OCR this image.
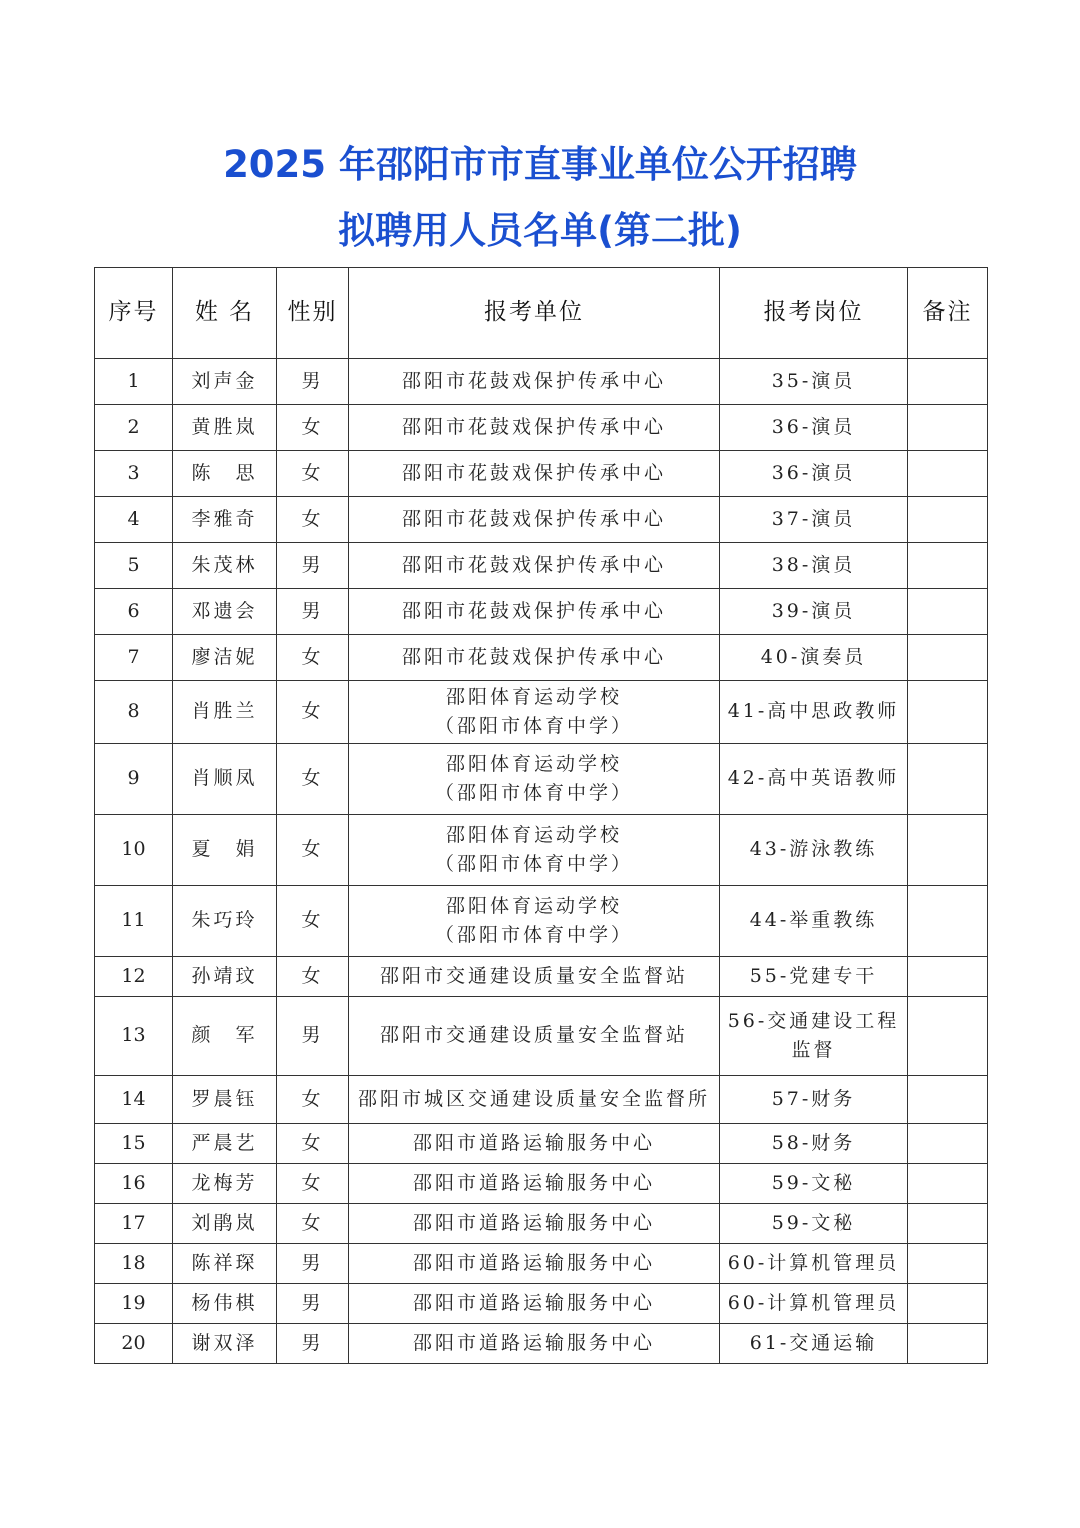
2025 年邵阳市市直事业单位公开招聘
拟聘用人员名单(第二批)
序号	姓 名	性别	报考单位	报考岗位	备注
1	刘声金	男	邵阳市花鼓戏保护传承中心	35-演员	

2	黄胜岚	女	邵阳市花鼓戏保护传承中心	36-演员	

3	陈　思	女	邵阳市花鼓戏保护传承中心	36-演员	

4	李雅奇	女	邵阳市花鼓戏保护传承中心	37-演员	

5	朱茂林	男	邵阳市花鼓戏保护传承中心	38-演员	

6	邓遗会	男	邵阳市花鼓戏保护传承中心	39-演员	

7	廖洁妮	女	邵阳市花鼓戏保护传承中心	40-演奏员	

8	肖胜兰	女	邵阳体育运动学校
（邵阳市体育中学）	41-高中思政教师	

9	肖顺凤	女	邵阳体育运动学校
（邵阳市体育中学）	42-高中英语教师	

10	夏　娟	女	邵阳体育运动学校
（邵阳市体育中学）	43-游泳教练	

11	朱巧玲	女	邵阳体育运动学校
（邵阳市体育中学）	44-举重教练	

12	孙靖玟	女	邵阳市交通建设质量安全监督站	55-党建专干	

13	颜　军	男	邵阳市交通建设质量安全监督站	56-交通建设工程
监督	

14	罗晨钰	女	邵阳市城区交通建设质量安全监督所	57-财务	

15	严晨艺	女	邵阳市道路运输服务中心	58-财务	

16	龙梅芳	女	邵阳市道路运输服务中心	59-文秘	

17	刘鹃岚	女	邵阳市道路运输服务中心	59-文秘	

18	陈祥琛	男	邵阳市道路运输服务中心	60-计算机管理员	

19	杨伟棋	男	邵阳市道路运输服务中心	60-计算机管理员	

20	谢双泽	男	邵阳市道路运输服务中心	61-交通运输	
